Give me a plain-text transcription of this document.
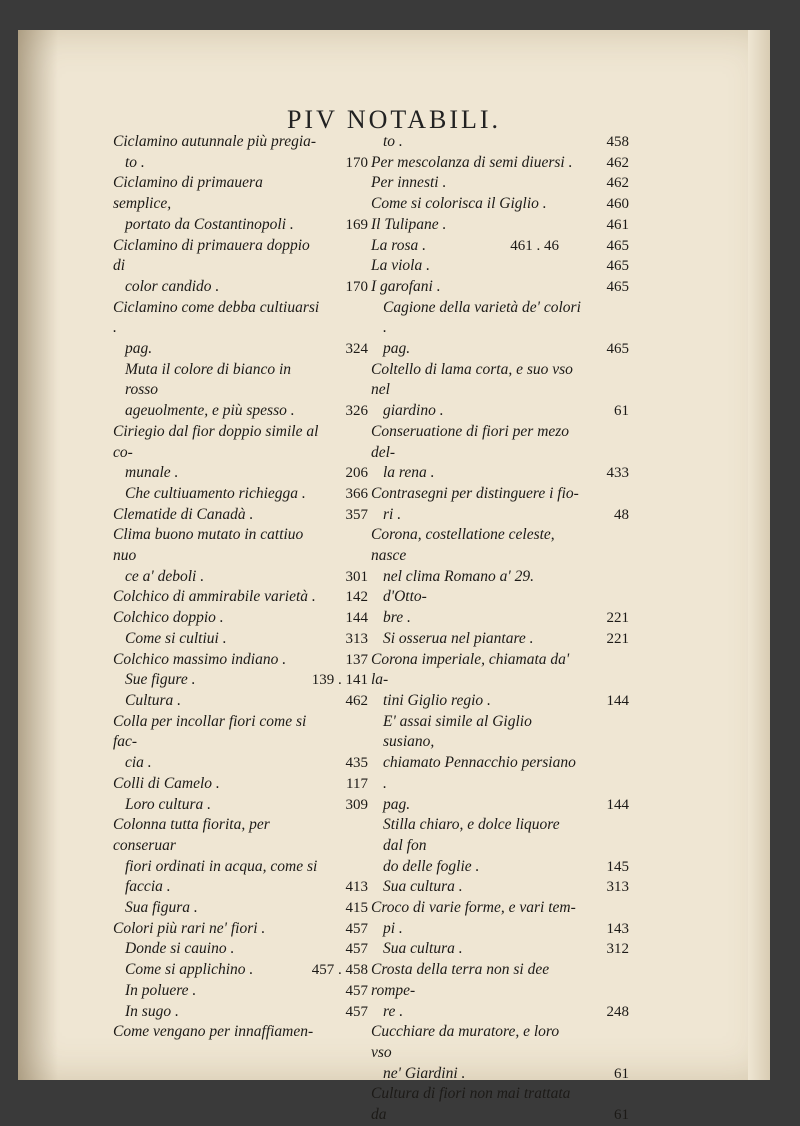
PIV NOTABILI.
Ciclamino autunnale più pregia-
to .	170
Ciclamino di primauera semplice,
portato da Costantinopoli .	169
Ciclamino di primauera doppio di
color candido .	170
Ciclamino come debba cultiuarsi .
pag.	324
Muta il colore di bianco in rosso
ageuolmente, e più spesso .	326
Ciriegio dal fior doppio simile al co-
munale .	206
Che cultiuamento richiegga .	366
Clematide di Canadà .	357
Clima buono mutato in cattiuo nuo
ce a' deboli .	301
Colchico di ammirabile varietà . 142
Colchico doppio .	144
Come si cultiui .	313
Colchico massimo indiano .	137
Sue figure .	139 . 141
Cultura .	462
Colla per incollar fiori come si fac-
cia .	435
Colli di Camelo .	117
Loro cultura .	309
Colonna tutta fiorita, per conseruar
fiori ordinati in acqua, come si
faccia .	413
Sua figura .	415
Colori più rari ne' fiori .	457
Donde si cauino .	457
Come si applichino .	457 . 458
In poluere .	457
In sugo .	457
Come vengano per innaffiamen-
to .	458
Per mescolanza di semi diuersi . 462
Per innesti .	462
Come si colorisca il Giglio .	460
Il Tulipane .	461
La rosa .	461 . 46	465
La viola .	465
I garofani .	465
Cagione della varietà de' colori .
pag.	465
Coltello di lama corta, e suo vso nel
giardino .	61
Conseruatione di fiori per mezo del-
la rena .	433
Contrasegni per distinguere i fio-
ri .	48
Corona, costellatione celeste, nasce
nel clima Romano a' 29. d'Otto-
bre .	221
Si osserua nel piantare .	221
Corona imperiale, chiamata da' la-
tini Giglio regio .	144
E' assai simile al Giglio susiano,
chiamato Pennacchio persiano .
pag.	144
Stilla chiaro, e dolce liquore dal fon
do delle foglie .	145
Sua cultura .	313
Croco di varie forme, e vari tem-
pi .	143
Sua cultura .	312
Crosta della terra non si dee rompe-
re .	248
Cucchiare da muratore, e loro vso
ne' Giardini .	61
Cultura di fiori non mai trattata
da	61
